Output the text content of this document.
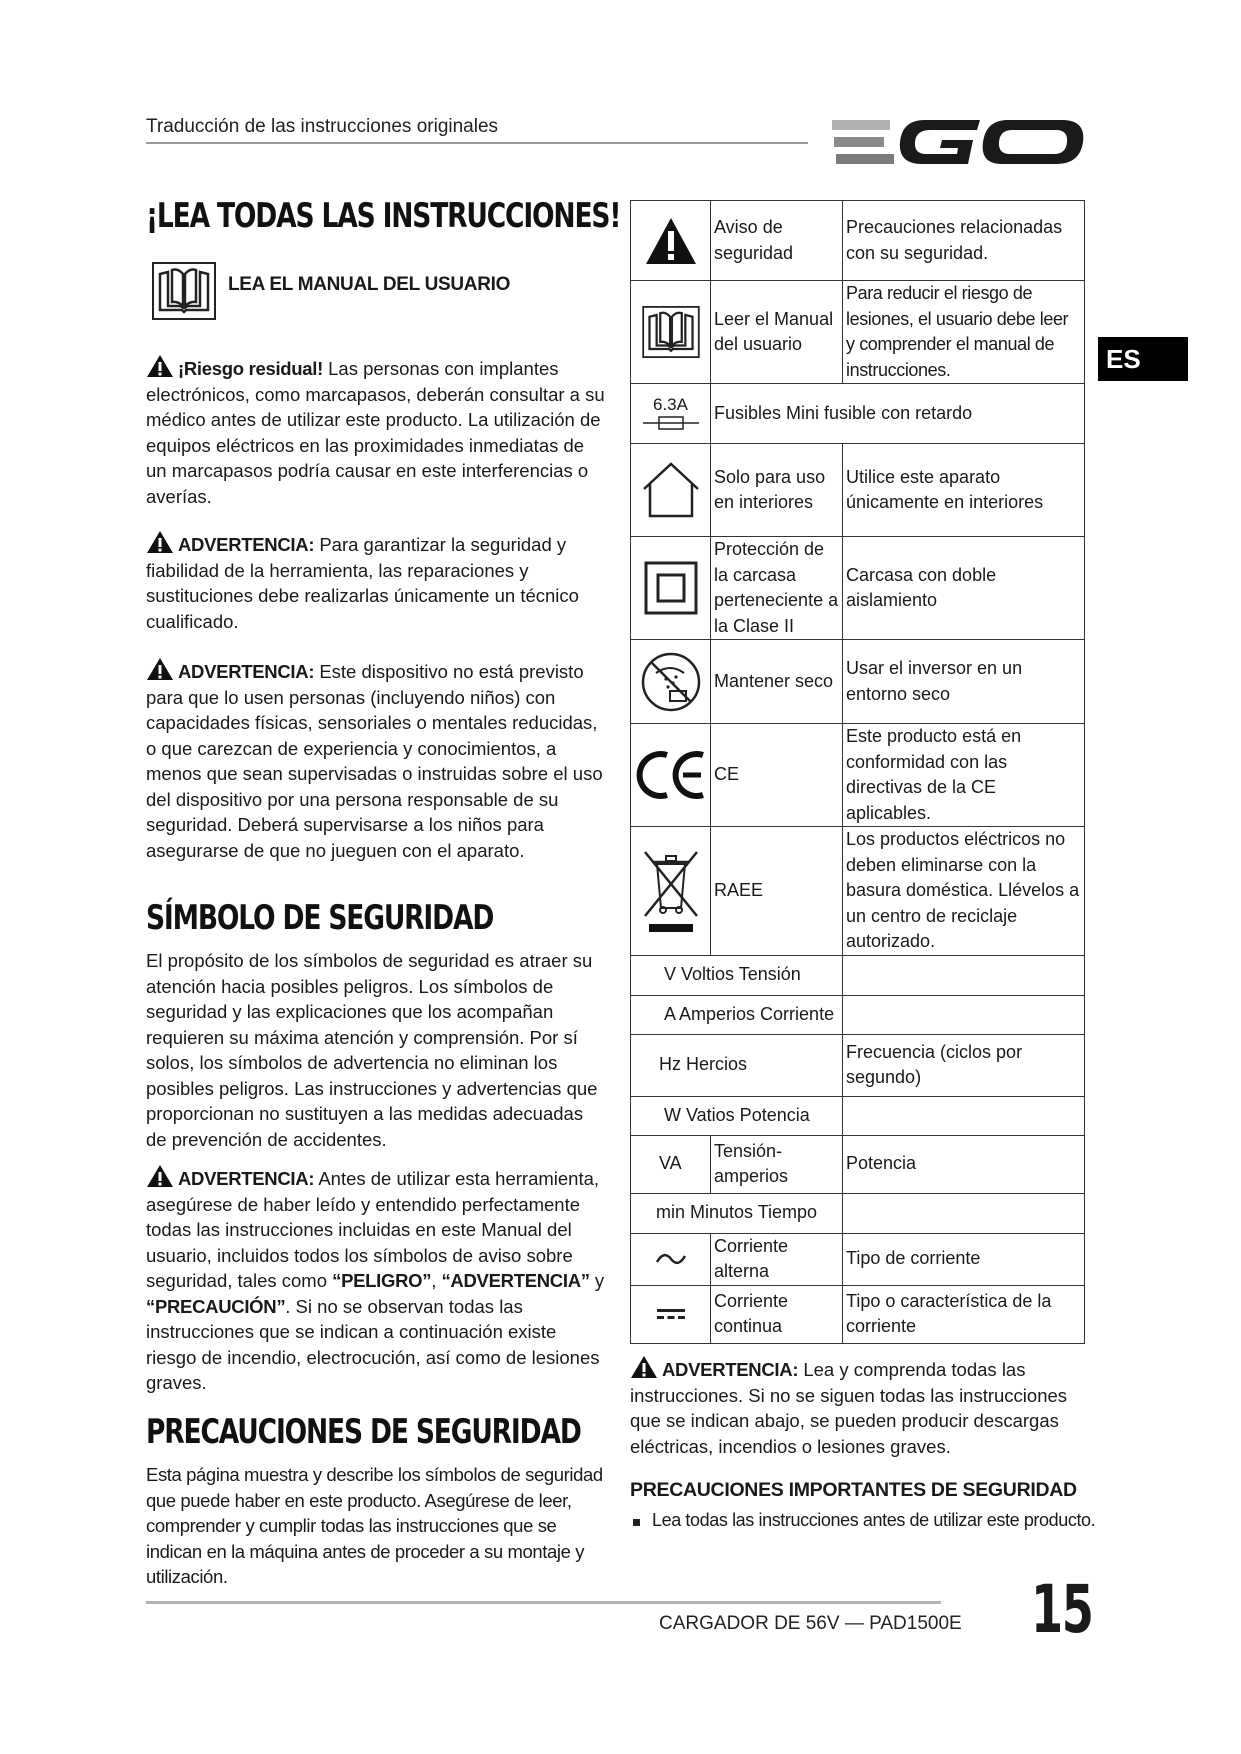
Traducción de las instrucciones originales
ES
¡LEA TODAS LAS INSTRUCCIONES!
LEA EL MANUAL DEL USUARIO
¡Riesgo residual! Las personas con implantes electrónicos, como marcapasos, deberán consultar a su médico antes de utilizar este producto. La utilización de equipos eléctricos en las proximidades inmediatas de un marcapasos podría causar en este interferencias o averías.
ADVERTENCIA: Para garantizar la seguridad y fiabilidad de la herramienta, las reparaciones y sustituciones debe realizarlas únicamente un técnico cualificado.
ADVERTENCIA: Este dispositivo no está previsto para que lo usen personas (incluyendo niños) con capacidades físicas, sensoriales o mentales reducidas, o que carezcan de experiencia y conocimientos, a menos que sean supervisadas o instruidas sobre el uso del dispositivo por una persona responsable de su seguridad. Deberá supervisarse a los niños para asegurarse de que no jueguen con el aparato.
SÍMBOLO DE SEGURIDAD
El propósito de los símbolos de seguridad es atraer su atención hacia posibles peligros. Los símbolos de seguridad y las explicaciones que los acompañan requieren su máxima atención y comprensión. Por sí solos, los símbolos de advertencia no eliminan los posibles peligros. Las instrucciones y advertencias que proporcionan no sustituyen a las medidas adecuadas de prevención de accidentes.
ADVERTENCIA: Antes de utilizar esta herramienta, asegúrese de haber leído y entendido perfectamente todas las instrucciones incluidas en este Manual del usuario, incluidos todos los símbolos de aviso sobre seguridad, tales como “PELIGRO”, “ADVERTENCIA” y “PRECAUCIÓN”. Si no se observan todas las instrucciones que se indican a continuación existe riesgo de incendio, electrocución, así como de lesiones graves.
PRECAUCIONES DE SEGURIDAD
Esta página muestra y describe los símbolos de seguridad que puede haber en este producto. Asegúrese de leer, comprender y cumplir todas las instrucciones que se indican en la máquina antes de proceder a su montaje y utilización.
	Aviso de seguridad	Precauciones relacionadas con su seguridad.

	Leer el Manual del usuario	Para reducir el riesgo de lesiones, el usuario debe leer y comprender el manual de instrucciones.

6.3A	Fusibles Mini fusible con retardo	

	Solo para uso en interiores	Utilice este aparato únicamente en interiores

	Protección de la carcasa perteneciente a la Clase II	Carcasa con doble aislamiento

	Mantener seco	Usar el inversor en un entorno seco

	CE	Este producto está en conformidad con las directivas de la CE aplicables.

	RAEE	Los productos eléctricos no deben eliminarse con la basura doméstica. Llévelos a un centro de reciclaje autorizado.
V Voltios Tensión		
A Amperios Corriente		
Hz Hercios		Frecuencia (ciclos por segundo)
W Vatios Potencia		
VA	Tensión-amperios	Potencia
min Minutos Tiempo		

	Corriente alterna	Tipo de corriente

	Corriente continua	Tipo o característica de la corriente
ADVERTENCIA: Lea y comprenda todas las instrucciones. Si no se siguen todas las instrucciones que se indican abajo, se pueden producir descargas eléctricas, incendios o lesiones graves.
PRECAUCIONES IMPORTANTES DE SEGURIDAD
Lea todas las instrucciones antes de utilizar este producto.
CARGADOR DE 56V — PAD1500E 15
